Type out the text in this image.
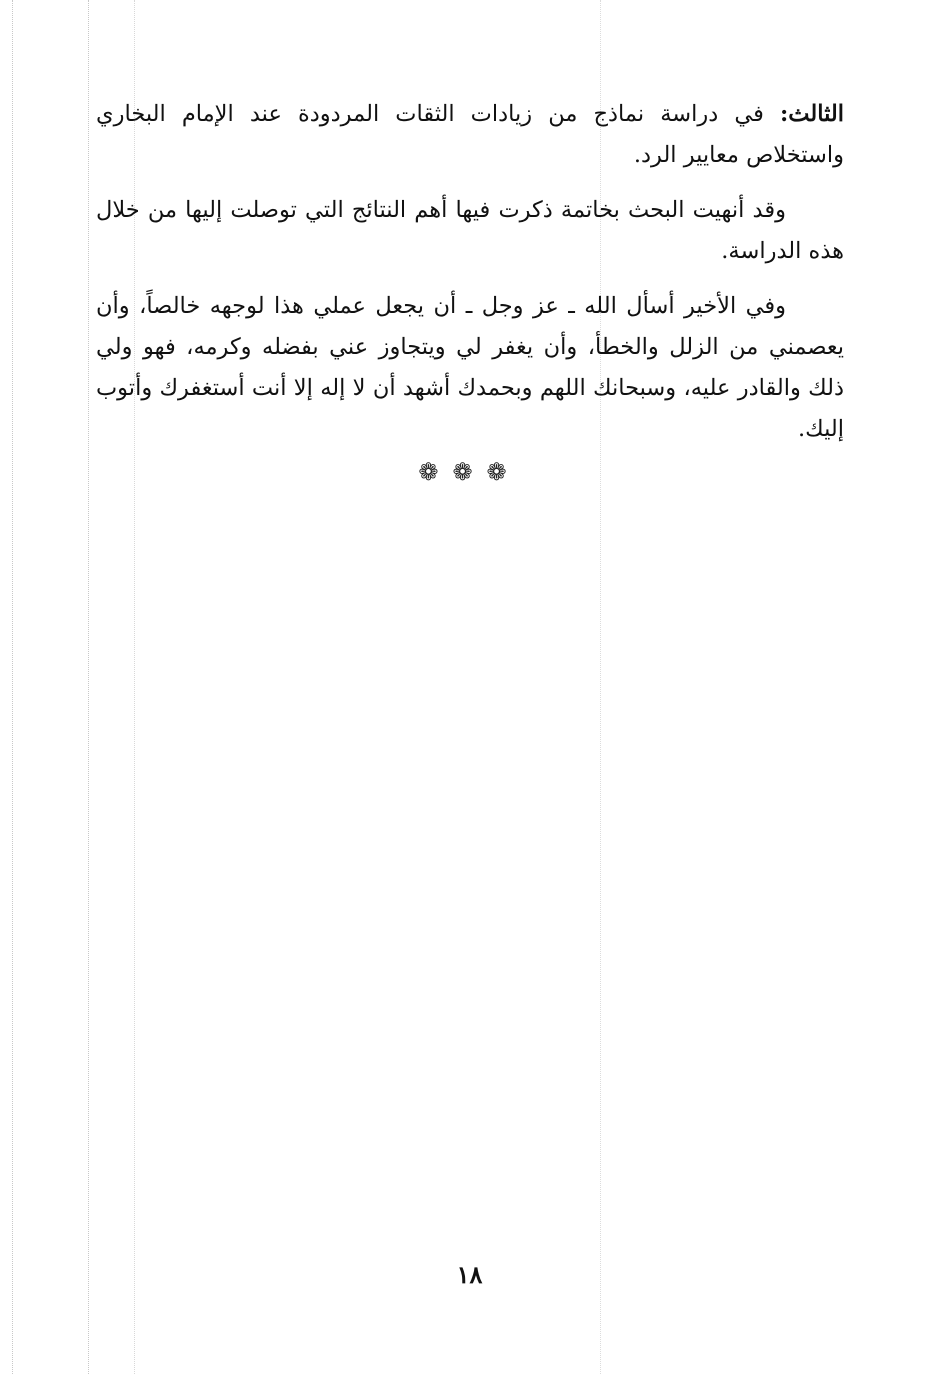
الثالث: في دراسة نماذج من زيادات الثقات المردودة عند الإمام البخاري واستخلاص معايير الرد.

وقد أنهيت البحث بخاتمة ذكرت فيها أهم النتائج التي توصلت إليها من خلال هذه الدراسة.

وفي الأخير أسأل الله ـ عز وجل ـ أن يجعل عملي هذا لوجهه خالصاً، وأن يعصمني من الزلل والخطأ، وأن يغفر لي ويتجاوز عني بفضله وكرمه، فهو ولي ذلك والقادر عليه، وسبحانك اللهم وبحمدك أشهد أن لا إله إلا أنت أستغفرك وأتوب إليك.

❁❁❁
١٨
